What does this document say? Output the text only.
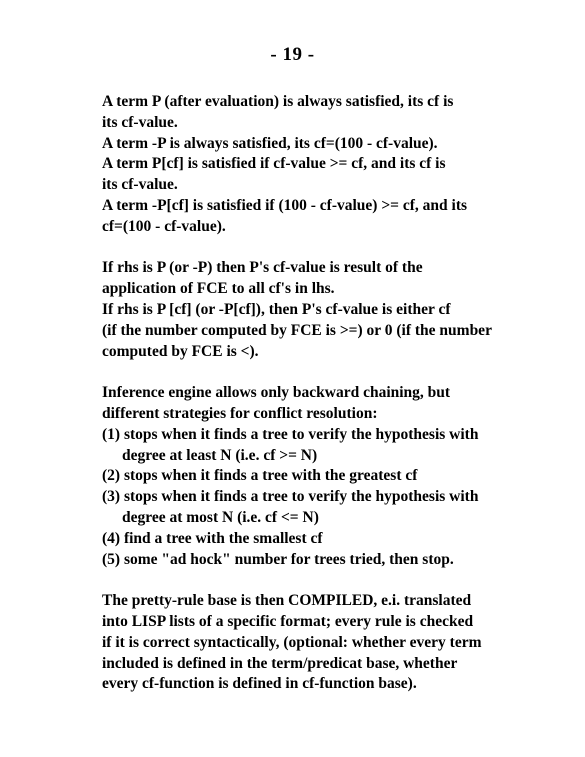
- 19 -
A term P (after evaluation) is always satisfied, its cf is
its cf-value.
A term -P is always satisfied, its cf=(100 - cf-value).
A term P[cf] is satisfied if cf-value >= cf, and its cf is
its cf-value.
A term -P[cf] is satisfied if (100 - cf-value) >= cf, and its
cf=(100 - cf-value).
If rhs is P (or -P) then P's cf-value is result of the
application of FCE to all cf's in lhs.
If rhs is P [cf] (or -P[cf]), then P's cf-value is either cf
(if the number computed by FCE is >=) or 0 (if the number
computed by FCE is <).
Inference engine allows only backward chaining, but
different strategies for conflict resolution:
(1) stops when it finds a tree to verify the hypothesis with
degree at least N (i.e. cf >= N)
(2) stops when it finds a tree with the greatest cf
(3) stops when it finds a tree to verify the hypothesis with
degree at most N (i.e. cf <= N)
(4) find a tree with the smallest cf
(5) some "ad hock" number for trees tried, then stop.
The pretty-rule base is then COMPILED, e.i. translated
into LISP lists of a specific format; every rule is checked
if it is correct syntactically, (optional: whether every term
included is defined in the term/predicat base, whether
every cf-function is defined in cf-function base).
